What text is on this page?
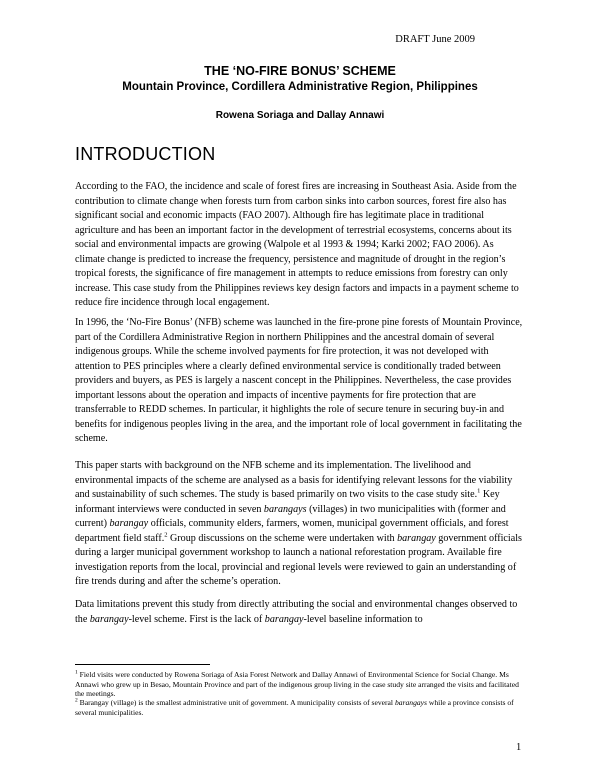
DRAFT June 2009
THE ‘NO-FIRE BONUS’ SCHEME
Mountain Province, Cordillera Administrative Region, Philippines
Rowena Soriaga and Dallay Annawi
INTRODUCTION

According to the FAO, the incidence and scale of forest fires are increasing in Southeast Asia. Aside from the contribution to climate change when forests turn from carbon sinks into carbon sources, forest fire also has significant social and economic impacts (FAO 2007). Although fire has legitimate place in traditional agriculture and has been an important factor in the development of terrestrial ecosystems, concerns about its social and environmental impacts are growing (Walpole et al 1993 & 1994; Karki 2002; FAO 2006). As climate change is predicted to increase the frequency, persistence and magnitude of drought in the region’s tropical forests, the significance of fire management in attempts to reduce emissions from forestry can only increase. This case study from the Philippines reviews key design factors and impacts in a payment scheme to reduce fire incidence through local engagement.

In 1996, the ‘No-Fire Bonus’ (NFB) scheme was launched in the fire-prone pine forests of Mountain Province, part of the Cordillera Administrative Region in northern Philippines and the ancestral domain of several indigenous groups. While the scheme involved payments for fire protection, it was not developed with attention to PES principles where a clearly defined environmental service is conditionally traded between providers and buyers, as PES is largely a nascent concept in the Philippines. Nevertheless, the case provides important lessons about the operation and impacts of incentive payments for fire protection that are transferrable to REDD schemes. In particular, it highlights the role of secure tenure in securing buy-in and benefits for indigenous peoples living in the area, and the important role of local government in facilitating the scheme.

This paper starts with background on the NFB scheme and its implementation. The livelihood and environmental impacts of the scheme are analysed as a basis for identifying relevant lessons for the viability and sustainability of such schemes. The study is based primarily on two visits to the case study site.$^1$ Key informant interviews were conducted in seven barangays (villages) in two municipalities with (former and current) barangay officials, community elders, farmers, women, municipal government officials, and forest department field staff.$^2$ Group discussions on the scheme were undertaken with barangay government officials during a larger municipal government workshop to launch a national reforestation program. Available fire investigation reports from the local, provincial and regional levels were reviewed to gain an understanding of fire trends during and after the scheme’s operation.

Data limitations prevent this study from directly attributing the social and environmental changes observed to the barangay-level scheme. First is the lack of barangay-level baseline information to

$^1$ Field visits were conducted by Rowena Soriaga of Asia Forest Network and Dallay Annawi of Environmental Science for Social Change. Ms Annawi who grew up in Besao, Mountain Province and part of the indigenous group living in the case study site arranged the visits and facilitated the meetings.

$^2$ Barangay (village) is the smallest administrative unit of government. A municipality consists of several barangays while a province consists of several municipalities.

1
